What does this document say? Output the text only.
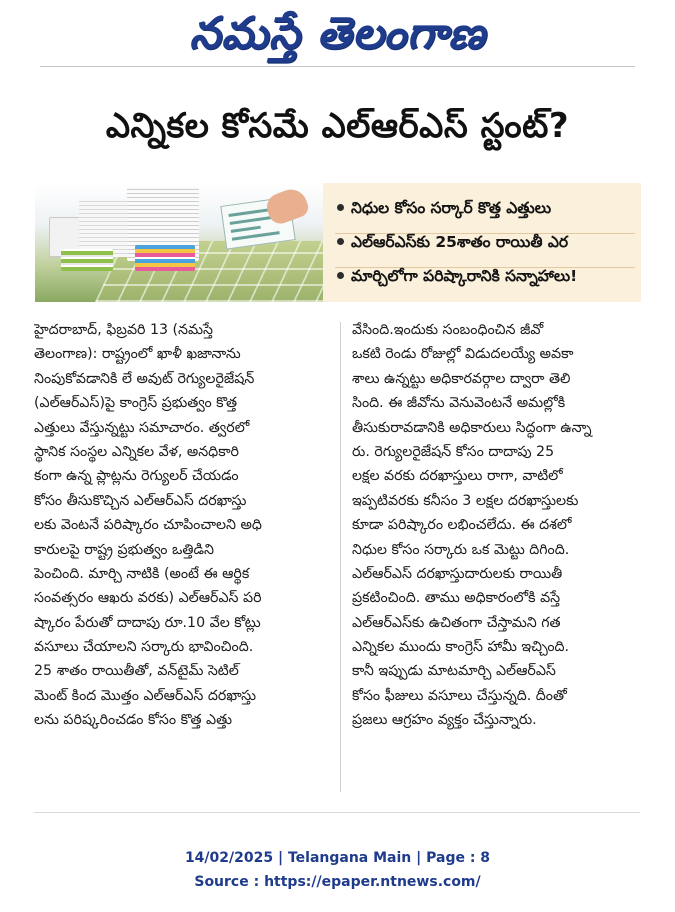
నమస్తే తెలంగాణ
ఎన్నికల కోసమే ఎల్‌ఆర్‌ఎస్‌ స్టంట్‌?
నిధుల కోసం సర్కార్‌ కొత్త ఎత్తులు
ఎల్‌ఆర్‌ఎస్‌కు 25శాతం రాయితీ ఎర
మార్చిలోగా పరిష్కారానికి సన్నాహాలు!
హైదరాబాద్‌, ఫిబ్రవరి 13 (నమస్తే
తెలంగాణ): రాష్ట్రంలో ఖాళీ ఖజానాను
నింపుకోవడానికి లే అవుట్‌ రెగ్యులరైజేషన్‌
(ఎల్‌ఆర్‌ఎస్‌)పై కాంగ్రెస్‌ ప్రభుత్వం కొత్త
ఎత్తులు వేస్తున్నట్టు సమాచారం. త్వరలో
స్థానిక సంస్థల ఎన్నికల వేళ, అనధికారి
కంగా ఉన్న ప్లాట్లను రెగ్యులర్‌ చేయడం
కోసం తీసుకొచ్చిన ఎల్‌ఆర్‌ఎస్‌ దరఖాస్తు
లకు వెంటనే పరిష్కారం చూపించాలని అధి
కారులపై రాష్ట్ర ప్రభుత్వం ఒత్తిడిని
పెంచింది. మార్చి నాటికి (అంటే ఈ ఆర్థిక
సంవత్సరం ఆఖరు వరకు) ఎల్‌ఆర్‌ఎస్‌ పరి
ష్కారం పేరుతో దాదాపు రూ.10 వేల కోట్లు
వసూలు చేయాలని సర్కారు భావించింది.
25 శాతం రాయితీతో, వన్‌టైమ్‌ సెటిల్‌
మెంట్‌ కింద మొత్తం ఎల్‌ఆర్‌ఎస్‌ దరఖాస్తు
లను పరిష్కరించడం కోసం కొత్త ఎత్తు
వేసింది.ఇందుకు సంబంధించిన జీవో
ఒకటి రెండు రోజుల్లో విడుదలయ్యే అవకా
శాలు ఉన్నట్టు అధికారవర్గాల ద్వారా తెలి
సింది. ఈ జీవోను వెనువెంటనే అమల్లోకి
తీసుకురావడానికి అధికారులు సిద్ధంగా ఉన్నా
రు. రెగ్యులరైజేషన్‌ కోసం దాదాపు 25
లక్షల వరకు దరఖాస్తులు రాగా, వాటిలో
ఇప్పటివరకు కనీసం 3 లక్షల దరఖాస్తులకు
కూడా పరిష్కారం లభించలేదు. ఈ దశలో
నిధుల కోసం సర్కారు ఒక మెట్టు దిగింది.
ఎల్‌ఆర్‌ఎస్‌ దరఖాస్తుదారులకు రాయితీ
ప్రకటించింది. తాము అధికారంలోకి వస్తే
ఎల్‌ఆర్‌ఎస్‌కు ఉచితంగా చేస్తామని గత
ఎన్నికల ముందు కాంగ్రెస్‌ హామీ ఇచ్చింది.
కానీ ఇప్పుడు మాటమార్చి ఎల్‌ఆర్‌ఎస్‌
కోసం ఫీజులు వసూలు చేస్తున్నది. దీంతో
ప్రజలు ఆగ్రహం వ్యక్తం చేస్తున్నారు.
14/02/2025 | Telangana Main | Page : 8
Source : https://epaper.ntnews.com/
